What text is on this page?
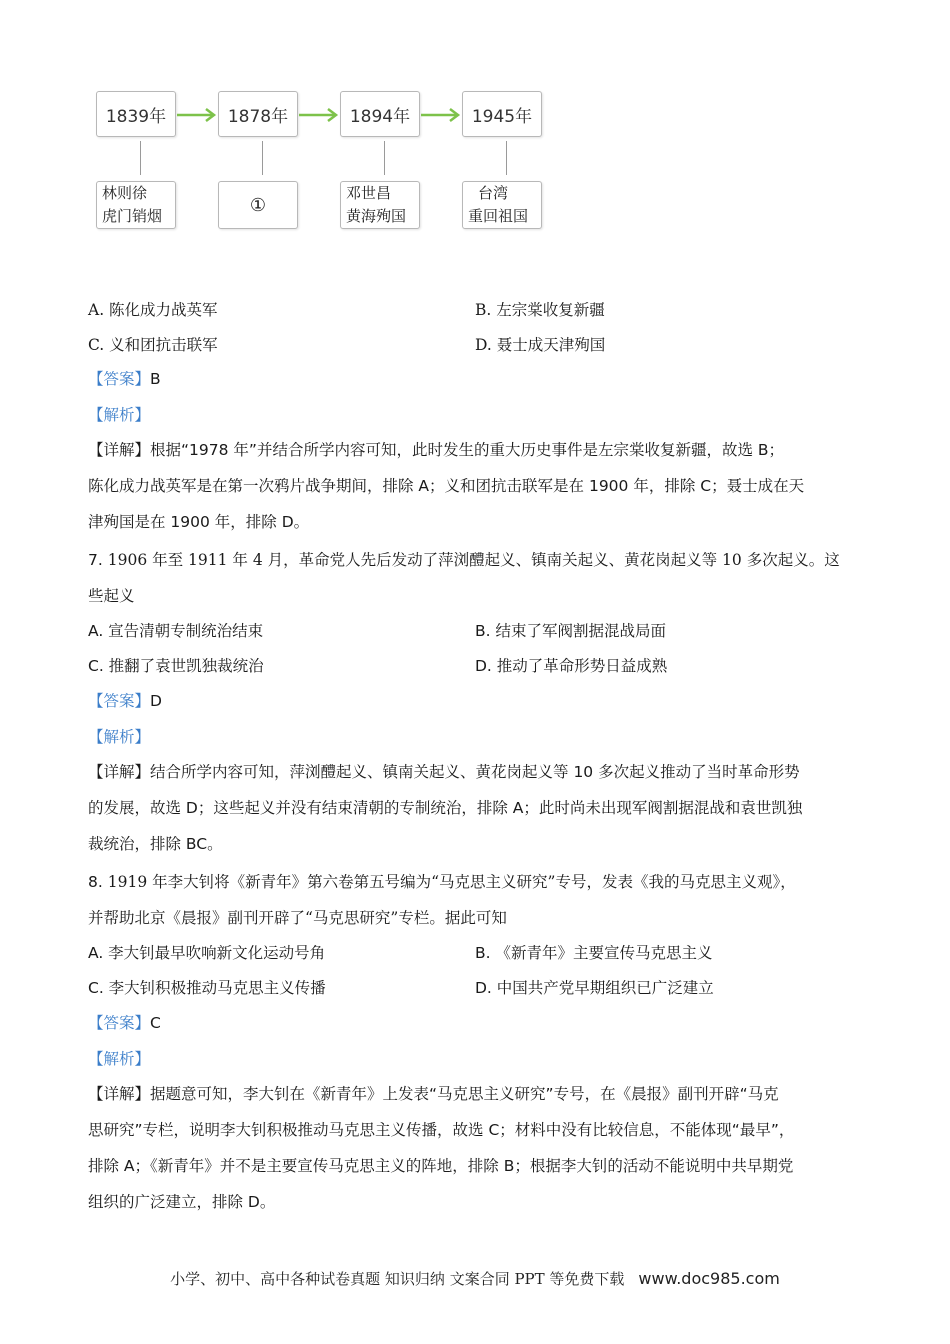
1839年	1878年	1894年	1945年
林则徐
虎门销烟
①
邓世昌
黄海殉国
台湾
重回祖国
A. 陈化成力战英军	B. 左宗棠收复新疆
C. 义和团抗击联军	D. 聂士成天津殉国
【答案】B
【解析】
【详解】根据“1978 年”并结合所学内容可知，此时发生的重大历史事件是左宗棠收复新疆，故选 B；
陈化成力战英军是在第一次鸦片战争期间，排除 A；义和团抗击联军是在 1900 年，排除 C；聂士成在天
津殉国是在 1900 年，排除 D。
7. 1906 年至 1911 年 4 月，革命党人先后发动了萍浏醴起义、镇南关起义、黄花岗起义等 10 多次起义。这
些起义
A. 宣告清朝专制统治结束	B. 结束了军阀割据混战局面
C. 推翻了袁世凯独裁统治	D. 推动了革命形势日益成熟
【答案】D
【解析】
【详解】结合所学内容可知，萍浏醴起义、镇南关起义、黄花岗起义等 10 多次起义推动了当时革命形势
的发展，故选 D；这些起义并没有结束清朝的专制统治，排除 A；此时尚未出现军阀割据混战和袁世凯独
裁统治，排除 BC。
8. 1919 年李大钊将《新青年》第六卷第五号编为“马克思主义研究”专号，发表《我的马克思主义观》，
并帮助北京《晨报》副刊开辟了“马克思研究”专栏。据此可知
A. 李大钊最早吹响新文化运动号角	B. 《新青年》主要宣传马克思主义
C. 李大钊积极推动马克思主义传播	D. 中国共产党早期组织已广泛建立
【答案】C
【解析】
【详解】据题意可知，李大钊在《新青年》上发表“马克思主义研究”专号，在《晨报》副刊开辟“马克
思研究”专栏，说明李大钊积极推动马克思主义传播，故选 C；材料中没有比较信息，不能体现“最早”，
排除 A；《新青年》并不是主要宣传马克思主义的阵地，排除 B；根据李大钊的活动不能说明中共早期党
组织的广泛建立，排除 D。
小学、初中、高中各种试卷真题 知识归纳 文案合同 PPT 等免费下载 www.doc985.com
